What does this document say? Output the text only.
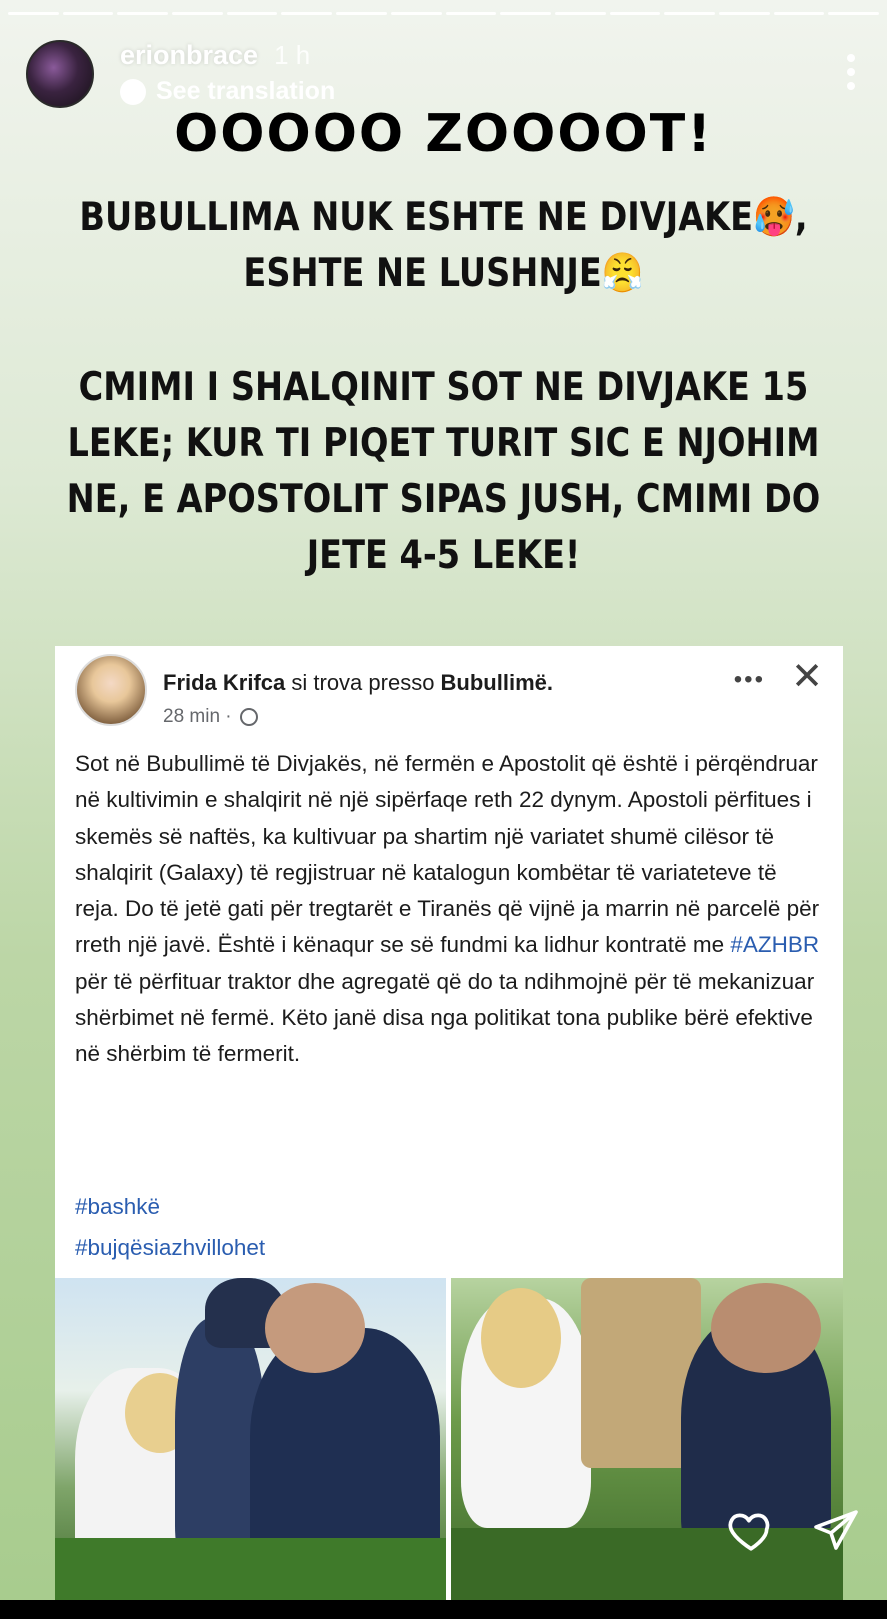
erionbrace 1 h
See translation
OOOOO ZOOOOT!
BUBULLIMA NUK ESHTE NE DIVJAKE🥵, ESHTE NE LUSHNJE😤
CMIMI I SHALQINIT SOT NE DIVJAKE 15 LEKE; KUR TI PIQET TURIT SIC E NJOHIM NE, E APOSTOLIT SIPAS JUSH, CMIMI DO JETE 4-5 LEKE!
Frida Krifca si trova presso Bubullimë.
28 min ·
••• ✕
Sot në Bubullimë të Divjakës, në fermën e Apostolit që është i përqëndruar në kultivimin e shalqirit në një sipërfaqe reth 22 dynym. Apostoli përfitues i skemës së naftës, ka kultivuar pa shartim një variatet shumë cilësor të shalqirit (Galaxy) të regjistruar në katalogun kombëtar të variateteve të reja. Do të jetë gati për tregtarët e Tiranës që vijnë ja marrin në parcelë për rreth një javë. Është i kënaqur se së fundmi ka lidhur kontratë me #AZHBR për të përfituar traktor dhe agregatë që do ta ndihmojnë për të mekanizuar shërbimet në fermë. Këto janë disa nga politikat tona publike bërë efektive në shërbim të fermerit.
#bashkë
#bujqësiazhvillohet
